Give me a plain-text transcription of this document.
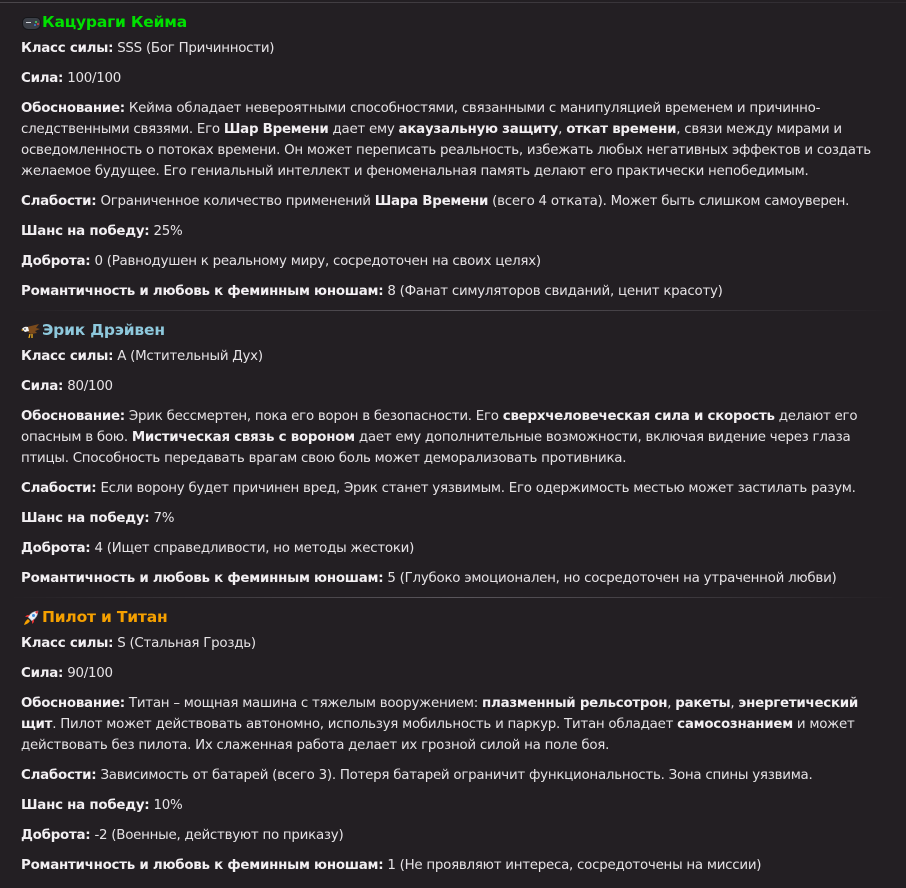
Кацураги Кейма

Класс силы: SSS (Бог Причинности)

Сила: 100/100

Обоснование: Кейма обладает невероятными способностями, связанными с манипуляцией временем и причинно-следственными связями. Его Шар Времени дает ему акаузальную защиту, откат времени, связи между мирами и осведомленность о потоках времени. Он может переписать реальность, избежать любых негативных эффектов и создать желаемое будущее. Его гениальный интеллект и феноменальная память делают его практически непобедимым.

Слабости: Ограниченное количество применений Шара Времени (всего 4 отката). Может быть слишком самоуверен.

Шанс на победу: 25%

Доброта: 0 (Равнодушен к реальному миру, сосредоточен на своих целях)

Романтичность и любовь к феминным юношам: 8 (Фанат симуляторов свиданий, ценит красоту)

Эрик Дрэйвен

Класс силы: A (Мстительный Дух)

Сила: 80/100

Обоснование: Эрик бессмертен, пока его ворон в безопасности. Его сверхчеловеческая сила и скорость делают его опасным в бою. Мистическая связь с вороном дает ему дополнительные возможности, включая видение через глаза птицы. Способность передавать врагам свою боль может деморализовать противника.

Слабости: Если ворону будет причинен вред, Эрик станет уязвимым. Его одержимость местью может застилать разум.

Шанс на победу: 7%

Доброта: 4 (Ищет справедливости, но методы жестоки)

Романтичность и любовь к феминным юношам: 5 (Глубоко эмоционален, но сосредоточен на утраченной любви)

Пилот и Титан

Класс силы: S (Стальная Гроздь)

Сила: 90/100

Обоснование: Титан – мощная машина с тяжелым вооружением: плазменный рельсотрон, ракеты, энергетический щит. Пилот может действовать автономно, используя мобильность и паркур. Титан обладает самосознанием и может действовать без пилота. Их слаженная работа делает их грозной силой на поле боя.

Слабости: Зависимость от батарей (всего 3). Потеря батарей ограничит функциональность. Зона спины уязвима.

Шанс на победу: 10%

Доброта: -2 (Военные, действуют по приказу)

Романтичность и любовь к феминным юношам: 1 (Не проявляют интереса, сосредоточены на миссии)
